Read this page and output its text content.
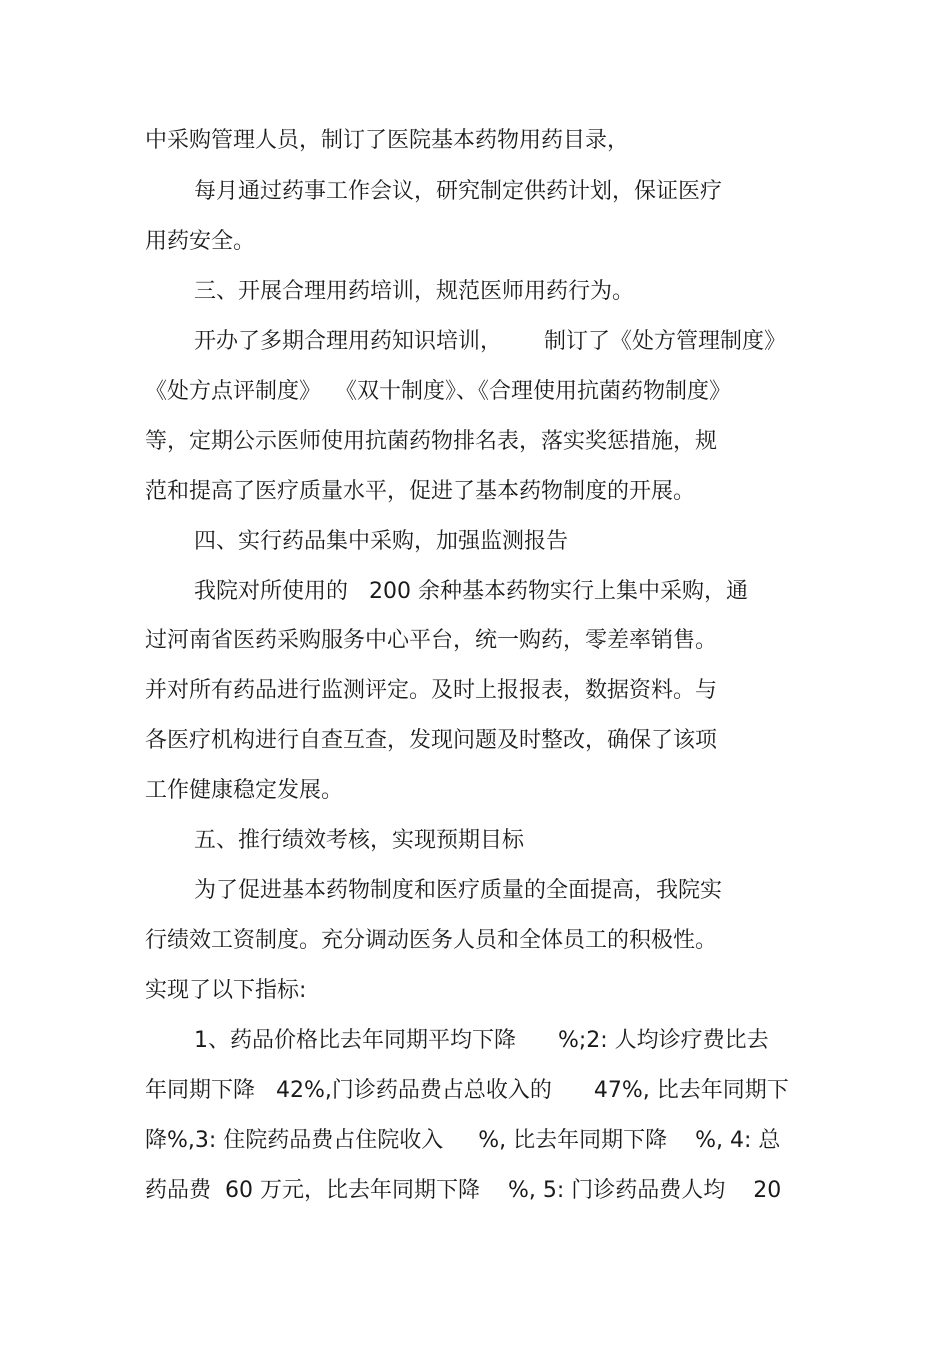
中采购管理人员，制订了医院基本药物用药目录，
每月通过药事工作会议，研究制定供药计划，保证医疗
用药安全。
三、开展合理用药培训，规范医师用药行为。
开办了多期合理用药知识培训，      制订了《处方管理制度》
《处方点评制度》  《双十制度》、《合理使用抗菌药物制度》
等，定期公示医师使用抗菌药物排名表，落实奖惩措施，规
范和提高了医疗质量水平，促进了基本药物制度的开展。
四、实行药品集中采购，加强监测报告
我院对所使用的   200 余种基本药物实行上集中采购，通
过河南省医药采购服务中心平台，统一购药，零差率销售。
并对所有药品进行监测评定。及时上报报表，数据资料。与
各医疗机构进行自查互查，发现问题及时整改，确保了该项
工作健康稳定发展。
五、推行绩效考核，实现预期目标
为了促进基本药物制度和医疗质量的全面提高，我院实
行绩效工资制度。充分调动医务人员和全体员工的积极性。
实现了以下指标:
1、药品价格比去年同期平均下降      %;2: 人均诊疗费比去
年同期下降   42%,门诊药品费占总收入的      47%, 比去年同期下
降%,3: 住院药品费占住院收入     %, 比去年同期下降    %, 4: 总
药品费  60 万元，比去年同期下降    %, 5: 门诊药品费人均    20
